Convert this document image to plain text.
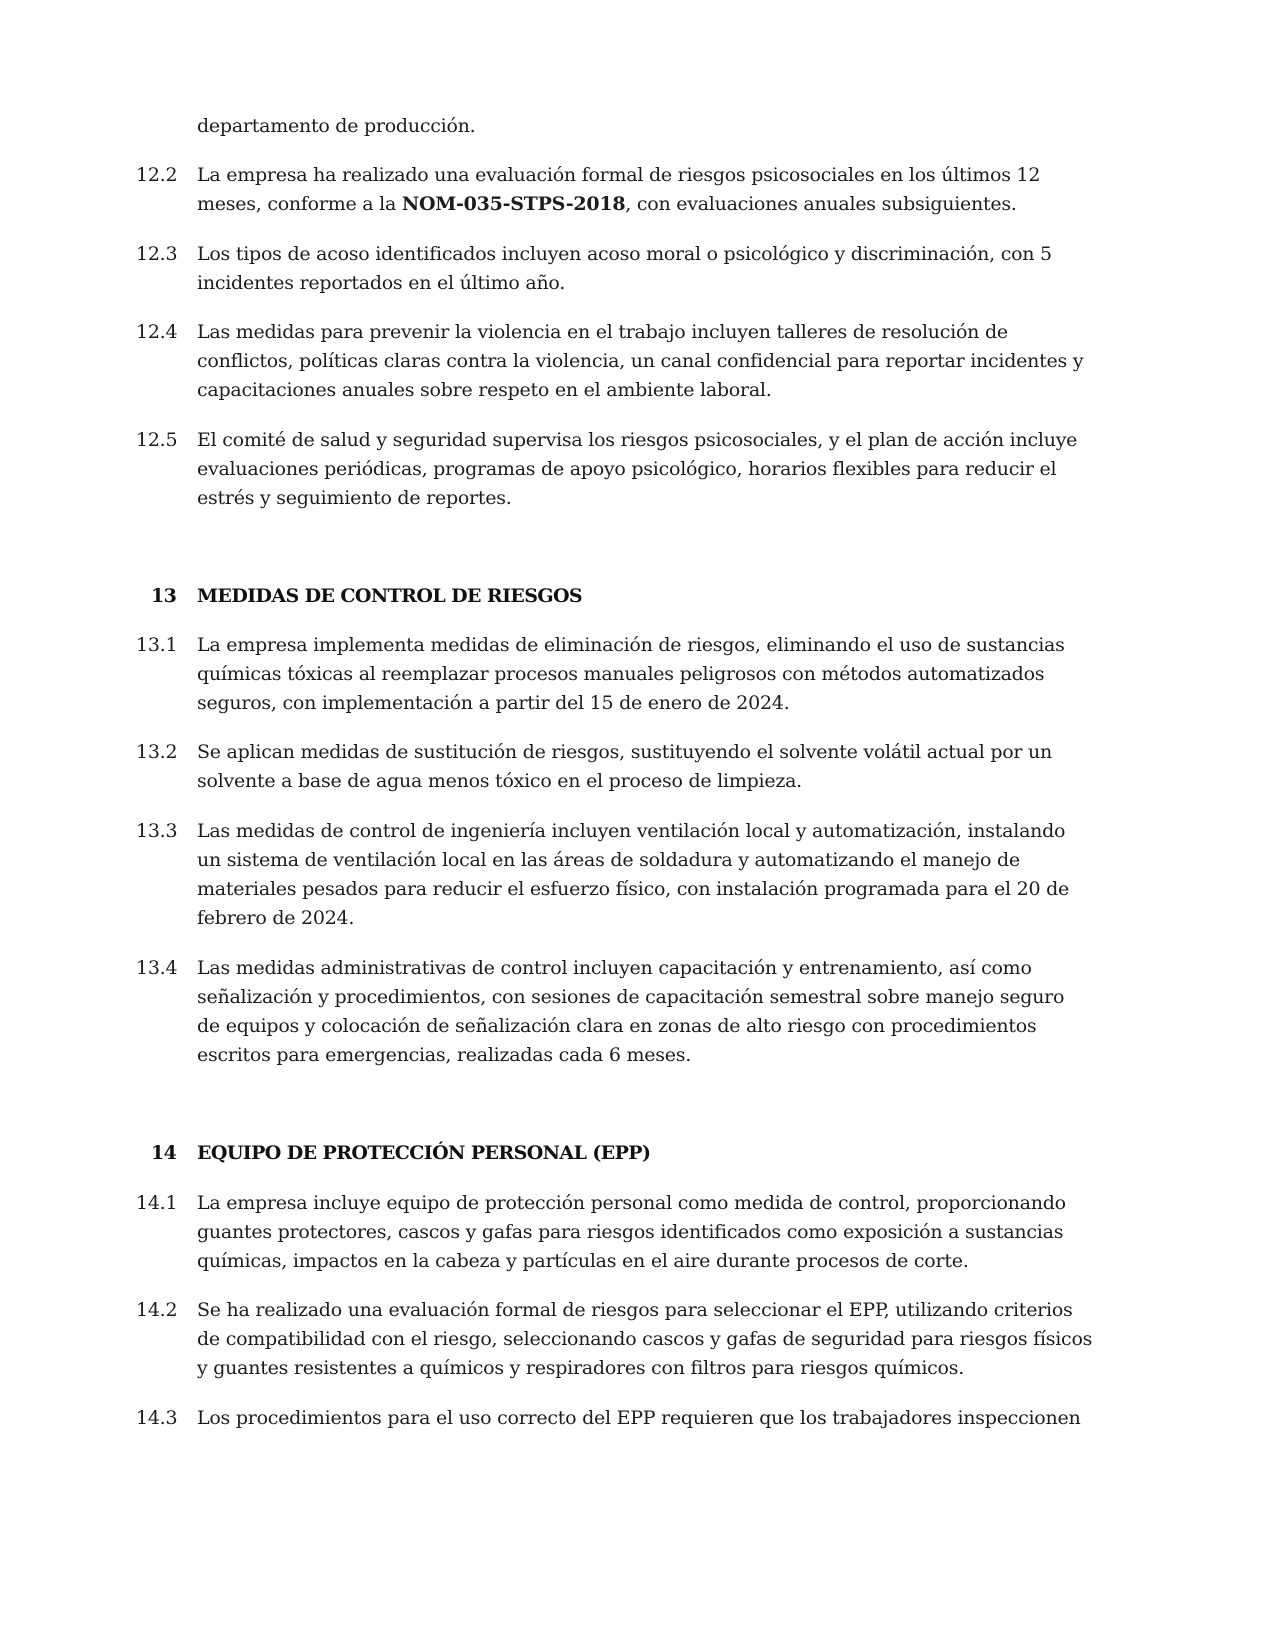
departamento de producción.
12.2 La empresa ha realizado una evaluación formal de riesgos psicosociales en los últimos 12
meses, conforme a la NOM-035-STPS-2018, con evaluaciones anuales subsiguientes.
12.3 Los tipos de acoso identificados incluyen acoso moral o psicológico y discriminación, con 5
incidentes reportados en el último año.
12.4 Las medidas para prevenir la violencia en el trabajo incluyen talleres de resolución de
conflictos, políticas claras contra la violencia, un canal confidencial para reportar incidentes y
capacitaciones anuales sobre respeto en el ambiente laboral.
12.5 El comité de salud y seguridad supervisa los riesgos psicosociales, y el plan de acción incluye
evaluaciones periódicas, programas de apoyo psicológico, horarios flexibles para reducir el
estrés y seguimiento de reportes.
13 MEDIDAS DE CONTROL DE RIESGOS
13.1 La empresa implementa medidas de eliminación de riesgos, eliminando el uso de sustancias
químicas tóxicas al reemplazar procesos manuales peligrosos con métodos automatizados
seguros, con implementación a partir del 15 de enero de 2024.
13.2 Se aplican medidas de sustitución de riesgos, sustituyendo el solvente volátil actual por un
solvente a base de agua menos tóxico en el proceso de limpieza.
13.3 Las medidas de control de ingeniería incluyen ventilación local y automatización, instalando
un sistema de ventilación local en las áreas de soldadura y automatizando el manejo de
materiales pesados para reducir el esfuerzo físico, con instalación programada para el 20 de
febrero de 2024.
13.4 Las medidas administrativas de control incluyen capacitación y entrenamiento, así como
señalización y procedimientos, con sesiones de capacitación semestral sobre manejo seguro
de equipos y colocación de señalización clara en zonas de alto riesgo con procedimientos
escritos para emergencias, realizadas cada 6 meses.
14 EQUIPO DE PROTECCIÓN PERSONAL (EPP)
14.1 La empresa incluye equipo de protección personal como medida de control, proporcionando
guantes protectores, cascos y gafas para riesgos identificados como exposición a sustancias
químicas, impactos en la cabeza y partículas en el aire durante procesos de corte.
14.2 Se ha realizado una evaluación formal de riesgos para seleccionar el EPP, utilizando criterios
de compatibilidad con el riesgo, seleccionando cascos y gafas de seguridad para riesgos físicos
y guantes resistentes a químicos y respiradores con filtros para riesgos químicos.
14.3 Los procedimientos para el uso correcto del EPP requieren que los trabajadores inspeccionen
